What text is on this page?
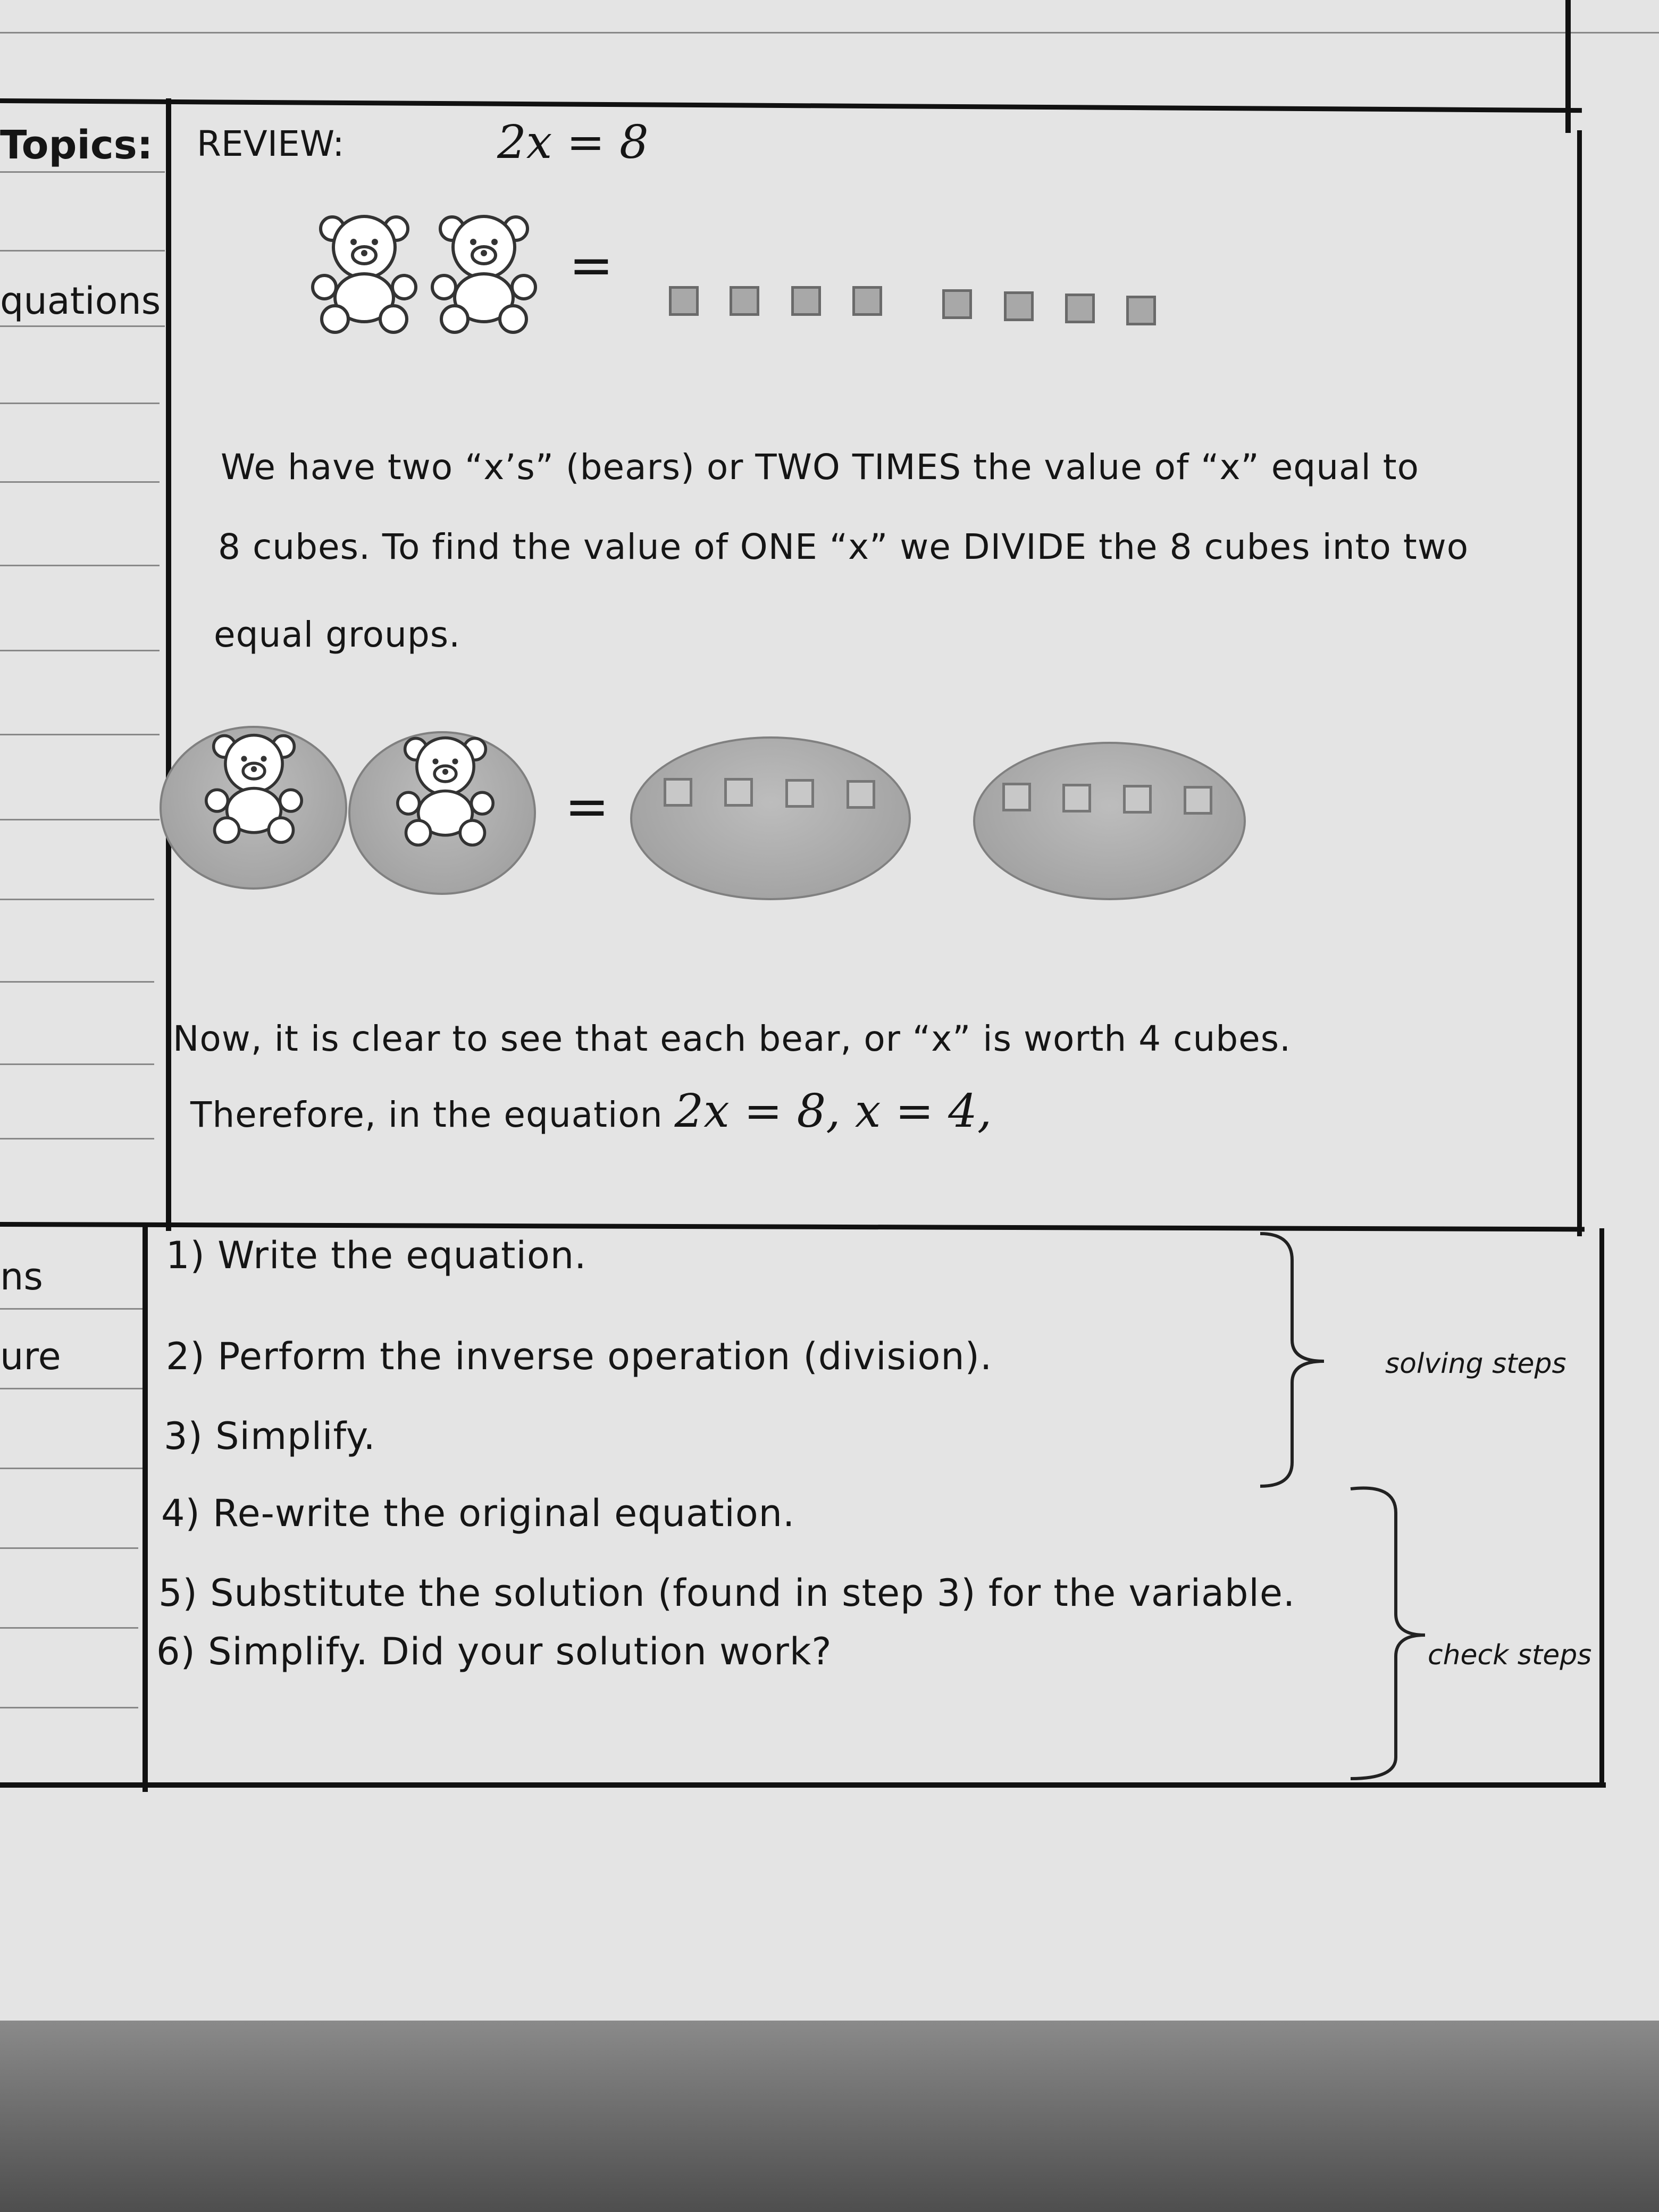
Topics:
quations
ns
ure
REVIEW:	2x = 8
=
We have two “x’s” (bears) or TWO TIMES the value of “x” equal to
8 cubes. To find the value of ONE “x” we DIVIDE the 8 cubes into two
equal groups.
=
Now, it is clear to see that each bear, or “x” is worth 4 cubes.
Therefore, in the equation 2x = 8, x = 4,
1) Write the equation.
2) Perform the inverse operation (division).
3) Simplify.
4) Re-write the original equation.
5) Substitute the solution (found in step 3) for the variable.
6) Simplify. Did your solution work?
solving steps
check steps
